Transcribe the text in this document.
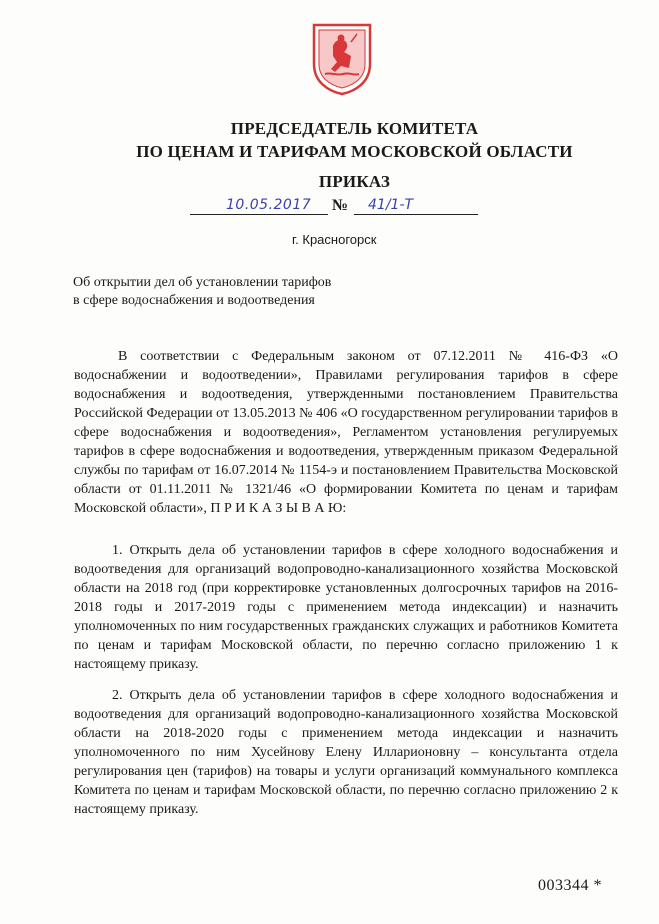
ПРЕДСЕДАТЕЛЬ КОМИТЕТА
ПО ЦЕНАМ И ТАРИФАМ МОСКОВСКОЙ ОБЛАСТИ
ПРИКАЗ
10.05.2017 № 41/1-Т
г. Красногорск
Об открытии дел об установлении тарифов в сфере водоснабжения и водоотведения

В соответствии с Федеральным законом от 07.12.2011 № 416-ФЗ «О водоснабжении и водоотведении», Правилами регулирования тарифов в сфере водоснабжения и водоотведения, утвержденными постановлением Правительства Российской Федерации от 13.05.2013 № 406 «О государственном регулировании тарифов в сфере водоснабжения и водоотведения», Регламентом установления регулируемых тарифов в сфере водоснабжения и водоотведения, утвержденным приказом Федеральной службы по тарифам от 16.07.2014 № 1154-э и постановлением Правительства Московской области от 01.11.2011 № 1321/46 «О формировании Комитета по ценам и тарифам Московской области», П Р И К А З Ы В А Ю:

1. Открыть дела об установлении тарифов в сфере холодного водоснабжения и водоотведения для организаций водопроводно-канализационного хозяйства Московской области на 2018 год (при корректировке установленных долгосрочных тарифов на 2016-2018 годы и 2017-2019 годы с применением метода индексации) и назначить уполномоченных по ним государственных гражданских служащих и работников Комитета по ценам и тарифам Московской области, по перечню согласно приложению 1 к настоящему приказу.

2. Открыть дела об установлении тарифов в сфере холодного водоснабжения и водоотведения для организаций водопроводно-канализационного хозяйства Московской области на 2018-2020 годы с применением метода индексации и назначить уполномоченного по ним Хусейнову Елену Илларионовну – консультанта отдела регулирования цен (тарифов) на товары и услуги организаций коммунального комплекса Комитета по ценам и тарифам Московской области, по перечню согласно приложению 2 к настоящему приказу.

003344 *
